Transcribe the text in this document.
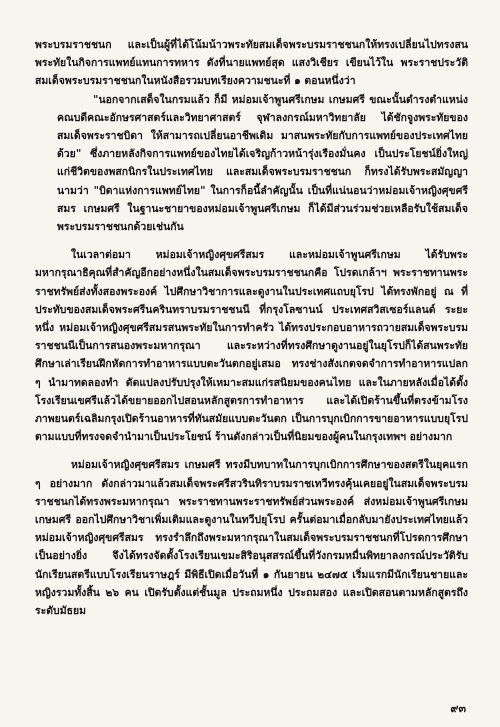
พระบรมราชชนก และเป็นผู้ที่ได้โน้มน้าวพระทัยสมเด็จพระบรมราชชนกให้ทรงเปลี่ยนไปทรงสนพระทัยในกิจการแพทย์แทนการทหาร ดังที่นายแพทย์สุด แสงวิเชียร เขียนไว้ใน พระราชประวัติสมเด็จพระบรมราชชนกในหนังสือรวมบทเรียงความชนะที่ ๑ ตอนหนึ่งว่า

"นอกจากเสด็จในกรมแล้ว ก็มี หม่อมเจ้าพูนศรีเกษม เกษมศรี ขณะนั้นดำรงตำแหน่งคณบดีคณะอักษรศาสตร์และวิทยาศาสตร์ จุฬาลงกรณ์มหาวิทยาลัย ได้ชักจูงพระทัยของสมเด็จพระราชบิดา ให้สามารถเปลี่ยนอาชีพเดิม มาสนพระทัยกับการแพทย์ของประเทศไทยด้วย" ซึ่งภายหลังกิจการแพทย์ของไทยได้เจริญก้าวหน้ารุ่งเรืองมั่นคง เป็นประโยชน์ยิ่งใหญ่แก่ชีวิตของพสกนิกรในประเทศไทย และสมเด็จพระบรมราชชนก ก็ทรงได้รับพระสมัญญานามว่า "บิดาแห่งการแพทย์ไทย" ในการก็อนี้ลำคัญนั้น เป็นที่แน่นอนว่าหม่อมเจ้าหญิงศุขศรีสมร เกษมศรี ในฐานะชายาของหม่อมเจ้าพูนศรีเกษม ก็ได้มีส่วนร่วมช่วยเหลือรับใช้สมเด็จพระบรมราชชนกด้วยเช่นกัน

ในเวลาต่อมา หม่อมเจ้าหญิงศุขศรีสมร และหม่อมเจ้าพูนศรีเกษม ได้รับพระมหากรุณาธิคุณที่สำคัญอีกอย่างหนึ่งในสมเด็จพระบรมราชชนกคือ โปรดเกล้าฯ พระราชทานพระราชทรัพย์ส่งทั้งสองพระองค์ ไปศึกษาวิชาการและดูงานในประเทศแถบยุโรป ได้ทรงพักอยู่ ณ ที่ประทับของสมเด็จพระศรีนครินทราบรมราชชนนี ที่กรุงโลซานน์ ประเทศสวิสเซอร์แลนด์ ระยะหนึ่ง หม่อมเจ้าหญิงศุขศรีสมรสนพระทัยในการทำครัว ได้ทรงประกอบอาหารถวายสมเด็จพระบรมราชชนนีเป็นการสนองพระมหากรุณา และระหว่างที่ทรงศึกษาดูงานอยู่ในยุโรปก็ได้สนพระทัยศึกษาเล่าเรียนฝึกหัดการทำอาหารแบบตะวันตกอยู่เสมอ ทรงช่างสังเกตจดจำการทำอาหารแปลก ๆ นำมาทดลองทำ ดัดแปลงปรับปรุงให้เหมาะสมแก่รสนิยมของคนไทย และในภายหลังเมื่อได้ตั้งโรงเรียนเขศรีแล้วได้ขยายออกไปสอนหลักสูตรการทำอาหาร และได้เปิดร้านขึ้นที่ตรงข้ามโรงภาพยนตร์เฉลิมกรุงเปิดร้านอาหารที่ทันสมัยแบบตะวันตก เป็นการบุกเบิกการขายอาหารแบบยุโรปตามแบบที่ทรงจดจำนำมาเป็นประโยชน์ ร้านดังกล่าวเป็นที่นิยมของผู้คนในกรุงเทพฯ อย่างมาก

หม่อมเจ้าหญิงศุขศรีสมร เกษมศรี ทรงมีบทบาทในการบุกเบิกการศึกษาของสตรีในยุคแรก ๆ อย่างมาก ดังกล่าวมาแล้วสมเด็จพระศรีสวรินทิราบรมราชเทวีทรงคุ้นเคยอยู่ในสมเด็จพระบรมราชชนกได้ทรงพระมหากรุณา พระราชทานพระราชทรัพย์ส่วนพระองค์ ส่งหม่อมเจ้าพูนศรีเกษมเกษมศรี ออกไปศึกษาวิชาเพิ่มเติมและดูงานในทวีปยุโรป ครั้นต่อมาเมื่อกลับมายังประเทศไทยแล้วหม่อมเจ้าหญิงศุขศรีสมร ทรงรำลึกถึงพระมหากรุณาในสมเด็จพระบรมราชชนกที่โปรดการศึกษาเป็นอย่างยิ่ง จึงได้ทรงจัดตั้งโรงเรียนเขมะสิริอนุสสรณ์ขึ้นที่วังกรมหมื่นพิทยาลงกรณ์ประวัติรับนักเรียนสตรีแบบโรงเรียนราษฎร์ มีพิธีเปิดเมื่อวันที่ ๑ กันยายน ๒๔๗๕ เริ่มแรกมีนักเรียนชายและหญิงรวมทั้งสิ้น ๒๖ คน เปิดรับตั้งแต่ชั้นมูล ประถมหนึ่ง ประถมสอง และเปิดสอนตามหลักสูตรถึงระดับมัธยม

๙๓
